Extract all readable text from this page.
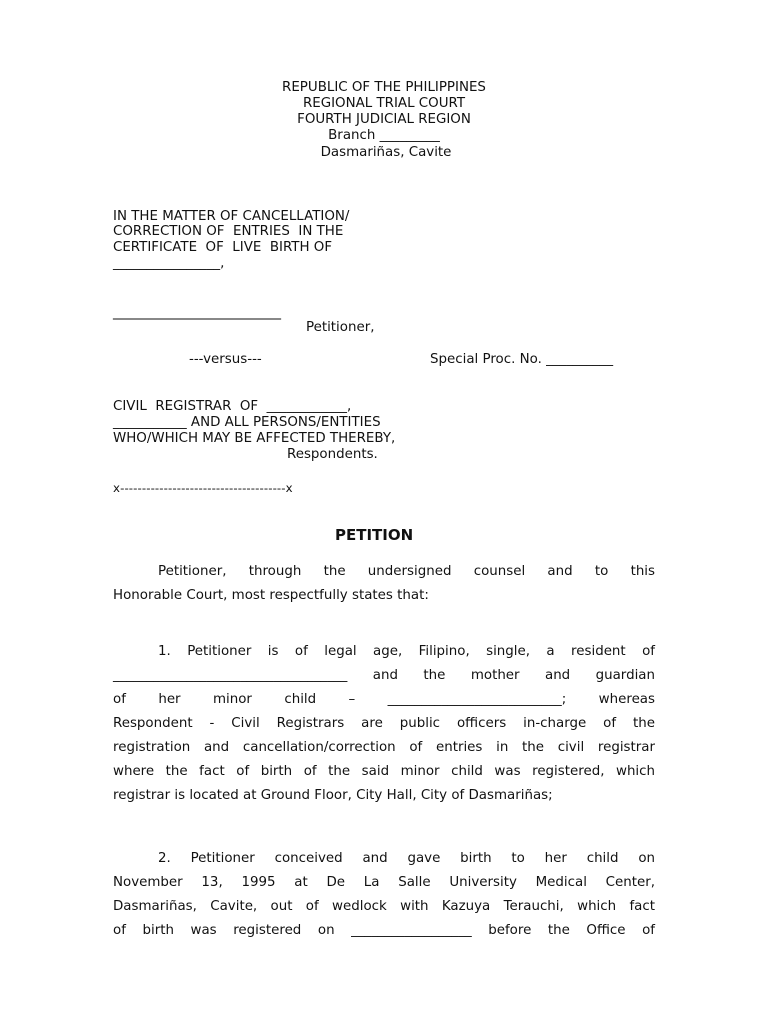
REPUBLIC OF THE PHILIPPINES
REGIONAL TRIAL COURT
FOURTH JUDICIAL REGION
Branch _________
Dasmariñas, Cavite
IN THE MATTER OF CANCELLATION/
CORRECTION OF  ENTRIES  IN THE
CERTIFICATE  OF  LIVE  BIRTH OF
________________,
________________________
Petitioner,
---versus---	Special Proc. No. __________
CIVIL  REGISTRAR  OF  ____________,
___________ AND ALL PERSONS/ENTITIES
WHO/WHICH MAY BE AFFECTED THEREBY,
Respondents.
x--------------------------------------x
PETITION

Petitioner, through the undersigned counsel and to this

Honorable Court, most respectfully states that:

1. Petitioner is of legal age, Filipino, single, a resident of

___________________________________ and the mother and guardian

of her minor child – __________________________; whereas

Respondent - Civil Registrars are public officers in-charge of the

registration and cancellation/correction of entries in the civil registrar

where the fact of birth of the said minor child was registered, which

registrar is located at Ground Floor, City Hall, City of Dasmariñas;

2. Petitioner conceived and gave birth to her child on

November 13, 1995 at De La Salle University Medical Center,

Dasmariñas, Cavite, out of wedlock with Kazuya Terauchi, which fact

of birth was registered on __________________ before the Office of
